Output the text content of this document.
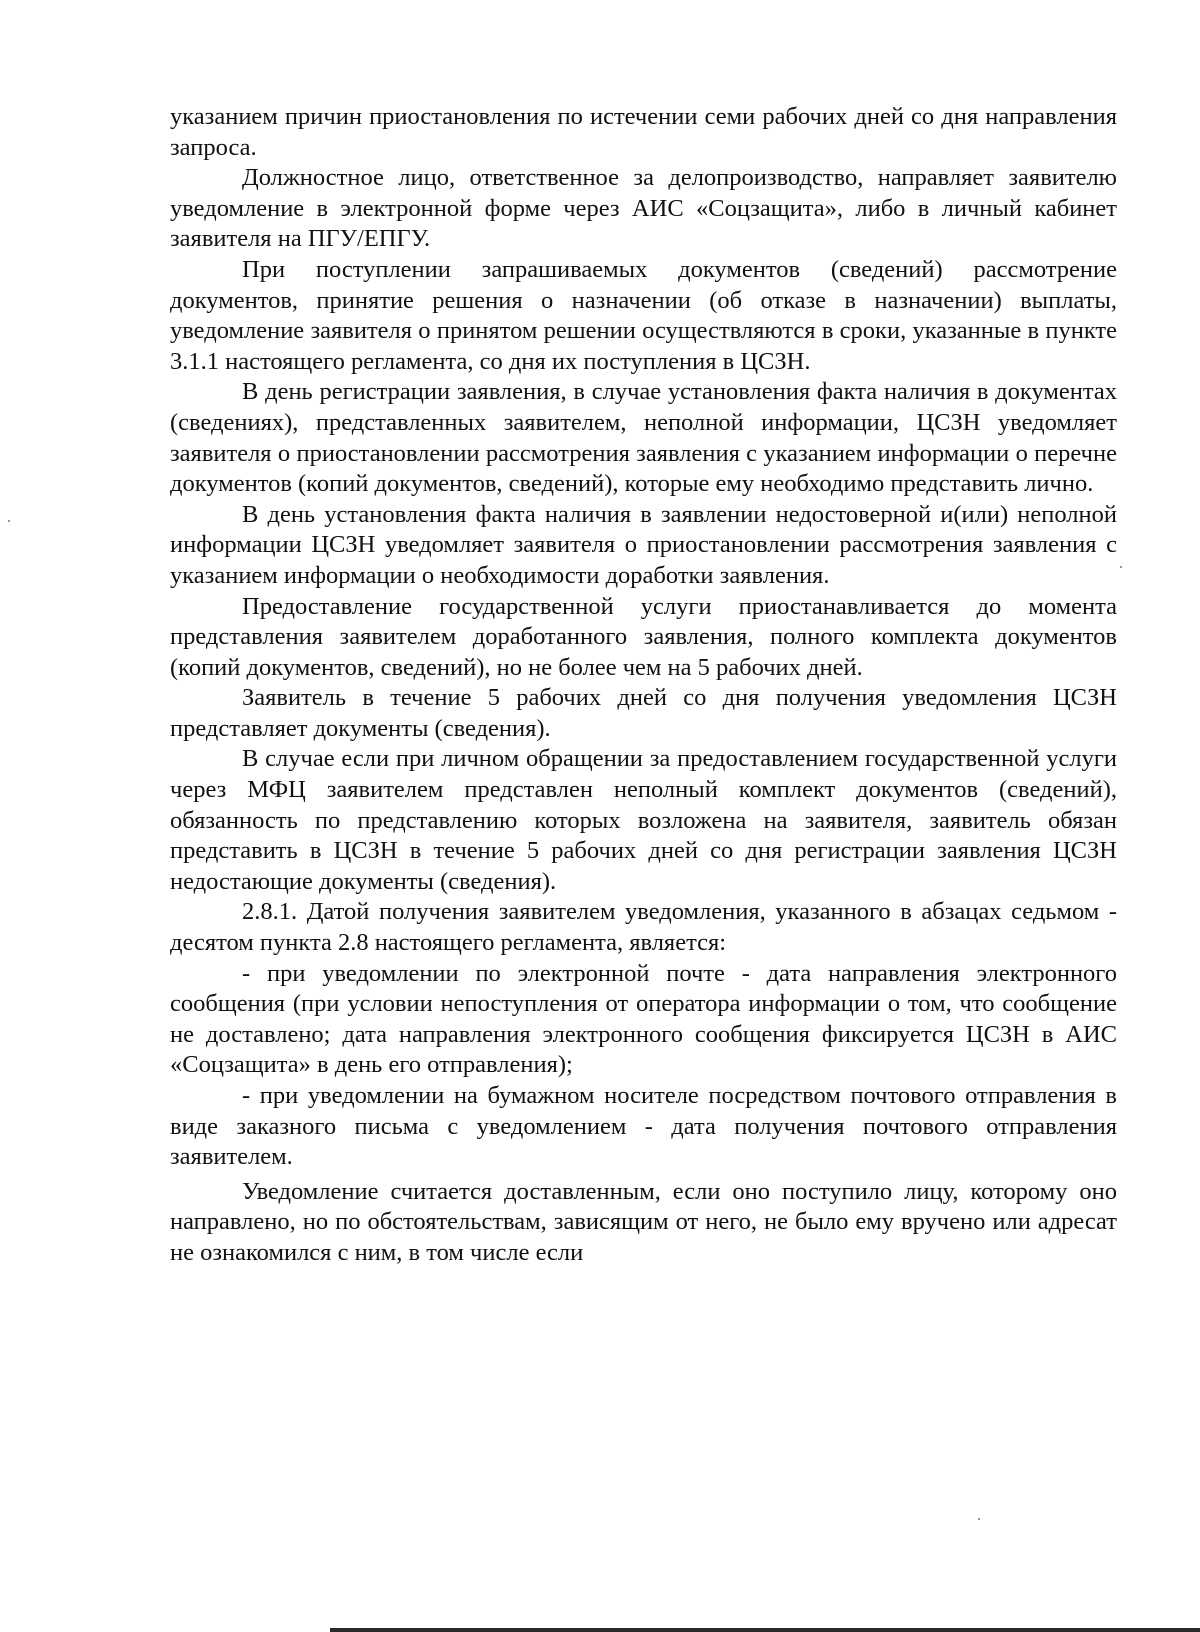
указанием причин приостановления по истечении семи рабочих дней со дня направления запроса.

Должностное лицо, ответственное за делопроизводство, направляет заявителю уведомление в электронной форме через АИС «Соцзащита», либо в личный кабинет заявителя на ПГУ/ЕПГУ.

При поступлении запрашиваемых документов (сведений) рассмотрение документов, принятие решения о назначении (об отказе в назначении) выплаты, уведомление заявителя о принятом решении осуществляются в сроки, указанные в пункте 3.1.1 настоящего регламента, со дня их поступления в ЦСЗН.

В день регистрации заявления, в случае установления факта наличия в документах (сведениях), представленных заявителем, неполной информации, ЦСЗН уведомляет заявителя о приостановлении рассмотрения заявления с указанием информации о перечне документов (копий документов, сведений), которые ему необходимо представить лично.

В день установления факта наличия в заявлении недостоверной и(или) неполной информации ЦСЗН уведомляет заявителя о приостановлении рассмотрения заявления с указанием информации о необходимости доработки заявления.

Предоставление государственной услуги приостанавливается до момента представления заявителем доработанного заявления, полного комплекта документов (копий документов, сведений), но не более чем на 5 рабочих дней.

Заявитель в течение 5 рабочих дней со дня получения уведомления ЦСЗН представляет документы (сведения).

В случае если при личном обращении за предоставлением государственной услуги через МФЦ заявителем представлен неполный комплект документов (сведений), обязанность по представлению которых возложена на заявителя, заявитель обязан представить в ЦСЗН в течение 5 рабочих дней со дня регистрации заявления ЦСЗН недостающие документы (сведения).

2.8.1. Датой получения заявителем уведомления, указанного в абзацах седьмом - десятом пункта 2.8 настоящего регламента, является:

- при уведомлении по электронной почте - дата направления электронного сообщения (при условии непоступления от оператора информации о том, что сообщение не доставлено; дата направления электронного сообщения фиксируется ЦСЗН в АИС «Соцзащита» в день его отправления);

- при уведомлении на бумажном носителе посредством почтового отправления в виде заказного письма с уведомлением - дата получения почтового отправления заявителем.

Уведомление считается доставленным, если оно поступило лицу, которому оно направлено, но по обстоятельствам, зависящим от него, не было ему вручено или адресат не ознакомился с ним, в том числе если
